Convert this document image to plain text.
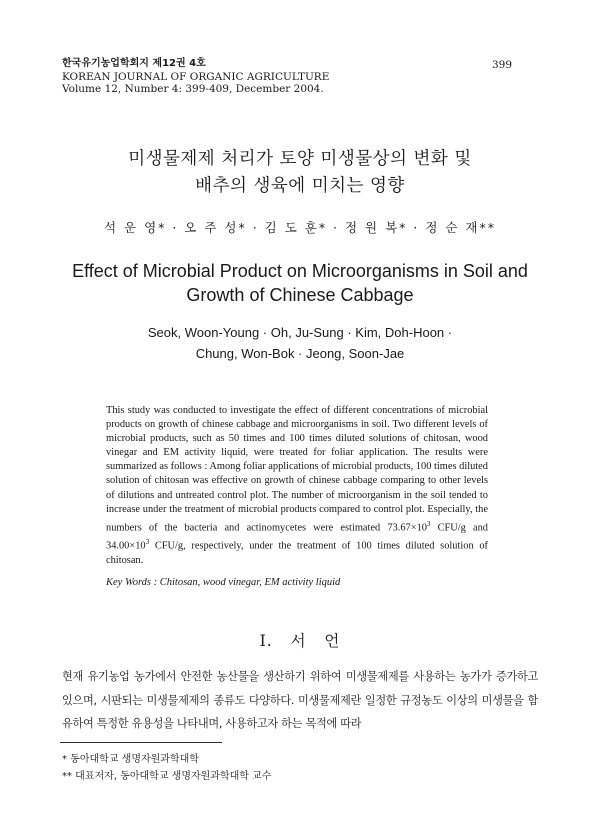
한국유기농업학회지 제12권 4호
KOREAN JOURNAL OF ORGANIC AGRICULTURE
Volume 12, Number 4: 399-409, December 2004.
399
미생물제제 처리가 토양 미생물상의 변화 및
배추의 생육에 미치는 영향
석 운 영* · 오 주 성* · 김 도 훈* · 정 원 복* · 정 순 재**
Effect of Microbial Product on Microorganisms in Soil and
Growth of Chinese Cabbage
Seok, Woon-Young · Oh, Ju-Sung · Kim, Doh-Hoon ·
Chung, Won-Bok · Jeong, Soon-Jae
This study was conducted to investigate the effect of different concentrations of microbial products on growth of chinese cabbage and microorganisms in soil. Two different levels of microbial products, such as 50 times and 100 times diluted solutions of chitosan, wood vinegar and EM activity liquid, were treated for foliar application. The results were summarized as follows : Among foliar applications of microbial products, 100 times diluted solution of chitosan was effective on growth of chinese cabbage comparing to other levels of dilutions and untreated control plot. The number of microorganism in the soil tended to increase under the treatment of microbial products compared to control plot. Especially, the numbers of the bacteria and actinomycetes were estimated $73.67\times 10^3$ CFU/g and $34.00\times 10^3$ CFU/g, respectively, under the treatment of 100 times diluted solution of chitosan.
Key Words : Chitosan, wood vinegar, EM activity liquid
Ⅰ. 서   언
현재 유기농업 농가에서 안전한 농산물을 생산하기 위하여 미생물제제를 사용하는 농가가 증가하고 있으며, 시판되는 미생물제제의 종류도 다양하다. 미생물제제란 일정한 규정농도 이상의 미생물을 함유하여 특정한 유용성을 나타내며, 사용하고자 하는 목적에 따라
* 동아대학교 생명자원과학대학
** 대표저자, 동아대학교 생명자원과학대학 교수
